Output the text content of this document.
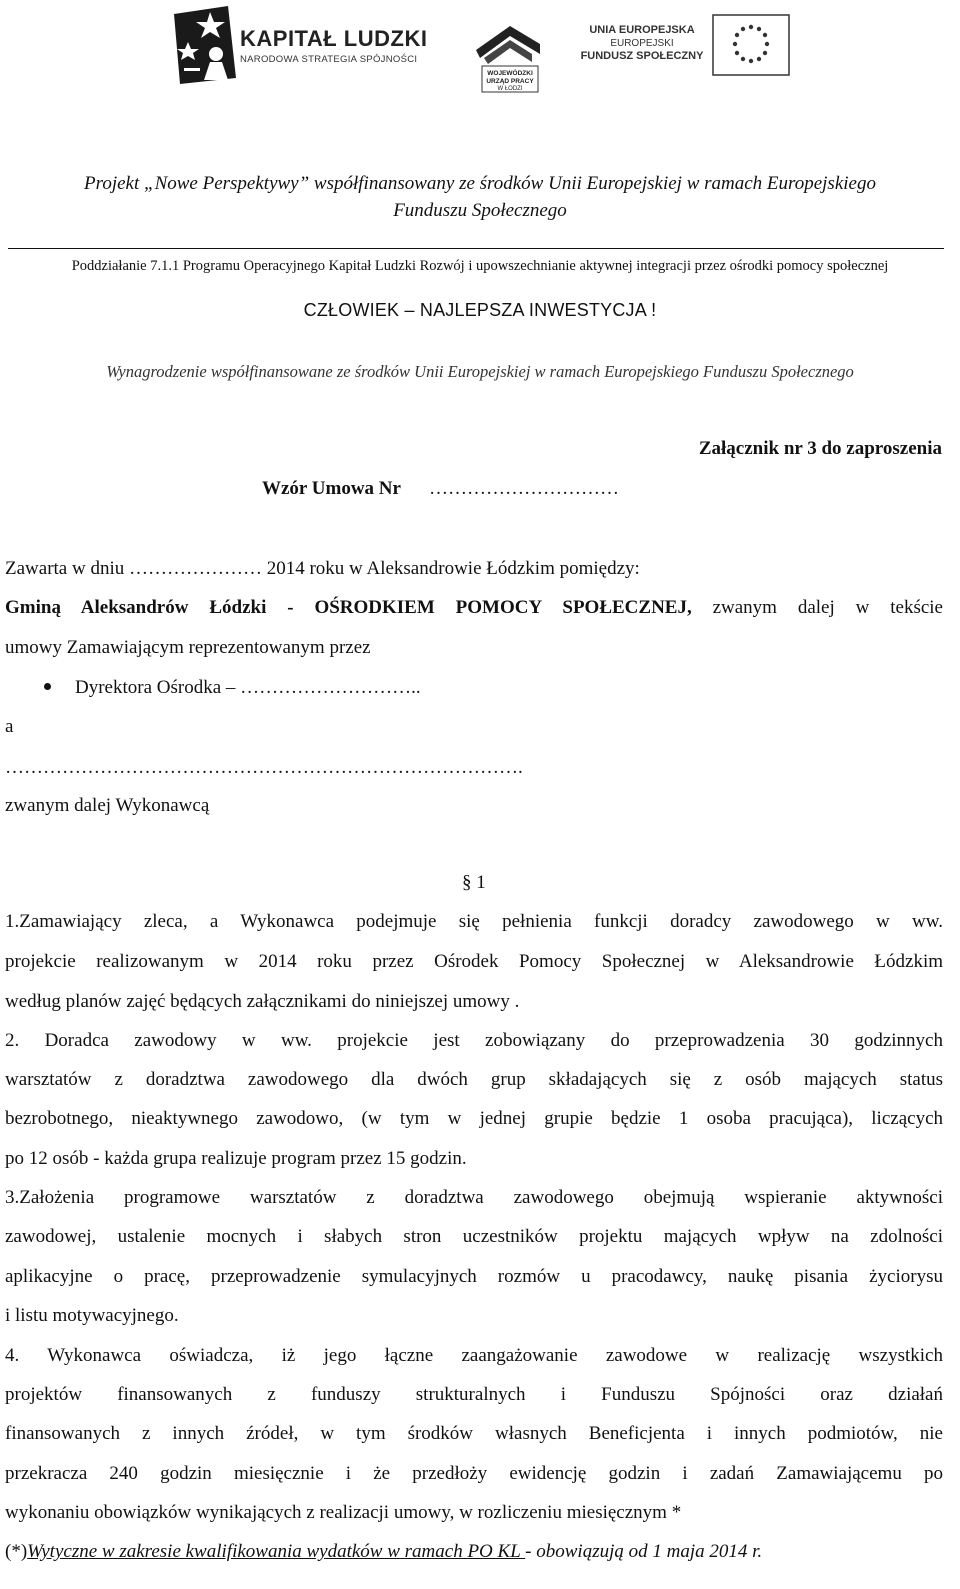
KAPITAŁ LUDZKI
NARODOWA STRATEGIA SPÓJNOŚCI
WOJEWÓDZKI
URZĄD PRACY
W ŁODZI
UNIA EUROPEJSKA
EUROPEJSKI
FUNDUSZ SPOŁECZNY
Projekt „Nowe Perspektywy” współfinansowany ze środków Unii Europejskiej w ramach Europejskiego
Funduszu Społecznego
Poddziałanie 7.1.1 Programu Operacyjnego Kapitał Ludzki Rozwój i upowszechnianie aktywnej integracji przez ośrodki pomocy społecznej
CZŁOWIEK – NAJLEPSZA INWESTYCJA !
Wynagrodzenie współfinansowane ze środków Unii Europejskiej w ramach Europejskiego Funduszu Społecznego
Załącznik nr 3 do zaproszenia
Wzór Umowa Nr …………………………
Zawarta w dniu ………………… 2014 roku w Aleksandrowie Łódzkim pomiędzy:
Gminą Aleksandrów Łódzki - OŚRODKIEM POMOCY SPOŁECZNEJ, zwanym dalej w tekście
umowy Zamawiającym reprezentowanym przez
Dyrektora Ośrodka – ………………………..
a
……………………………………………………………………….
zwanym dalej Wykonawcą
§ 1
1.Zamawiający zleca, a Wykonawca podejmuje się pełnienia funkcji doradcy zawodowego w ww.
projekcie realizowanym w 2014 roku przez Ośrodek Pomocy Społecznej w Aleksandrowie Łódzkim
według planów zajęć będących załącznikami do niniejszej umowy .
2. Doradca zawodowy w ww. projekcie jest zobowiązany do przeprowadzenia 30 godzinnych
warsztatów z doradztwa zawodowego dla dwóch grup składających się z osób mających status
bezrobotnego, nieaktywnego zawodowo, (w tym w jednej grupie będzie 1 osoba pracująca), liczących
po 12 osób - każda grupa realizuje program przez 15 godzin.
3.Założenia programowe warsztatów z doradztwa zawodowego obejmują wspieranie aktywności
zawodowej, ustalenie mocnych i słabych stron uczestników projektu mających wpływ na zdolności
aplikacyjne o pracę, przeprowadzenie symulacyjnych rozmów u pracodawcy, naukę pisania życiorysu
i listu motywacyjnego.
4. Wykonawca oświadcza, iż jego łączne zaangażowanie zawodowe w realizację wszystkich
projektów finansowanych z funduszy strukturalnych i Funduszu Spójności oraz działań
finansowanych z innych źródeł, w tym środków własnych Beneficjenta i innych podmiotów, nie
przekracza 240 godzin miesięcznie i że przedłoży ewidencję godzin i zadań Zamawiającemu po
wykonaniu obowiązków wynikających z realizacji umowy, w rozliczeniu miesięcznym *
(*)Wytyczne w zakresie kwalifikowania wydatków w ramach PO KL - obowiązują od 1 maja 2014 r.
